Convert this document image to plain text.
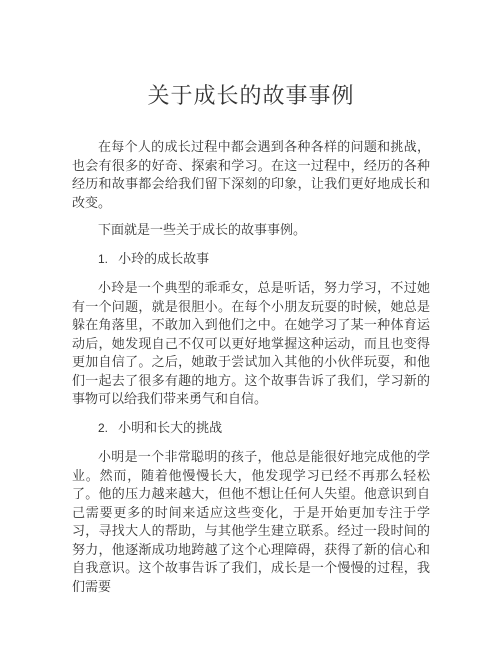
关于成长的故事事例

在每个人的成长过程中都会遇到各种各样的问题和挑战，也会有很多的好奇、探索和学习。在这一过程中，经历的各种经历和故事都会给我们留下深刻的印象，让我们更好地成长和改变。

下面就是一些关于成长的故事事例。

1. 小玲的成长故事

小玲是一个典型的乖乖女，总是听话，努力学习，不过她有一个问题，就是很胆小。在每个小朋友玩耍的时候，她总是躲在角落里，不敢加入到他们之中。在她学习了某一种体育运动后，她发现自己不仅可以更好地掌握这种运动，而且也变得更加自信了。之后，她敢于尝试加入其他的小伙伴玩耍，和他们一起去了很多有趣的地方。这个故事告诉了我们，学习新的事物可以给我们带来勇气和自信。

2. 小明和长大的挑战

小明是一个非常聪明的孩子，他总是能很好地完成他的学业。然而，随着他慢慢长大，他发现学习已经不再那么轻松了。他的压力越来越大，但他不想让任何人失望。他意识到自己需要更多的时间来适应这些变化，于是开始更加专注于学习，寻找大人的帮助，与其他学生建立联系。经过一段时间的努力，他逐渐成功地跨越了这个心理障碍，获得了新的信心和自我意识。这个故事告诉了我们，成长是一个慢慢的过程，我们需要
